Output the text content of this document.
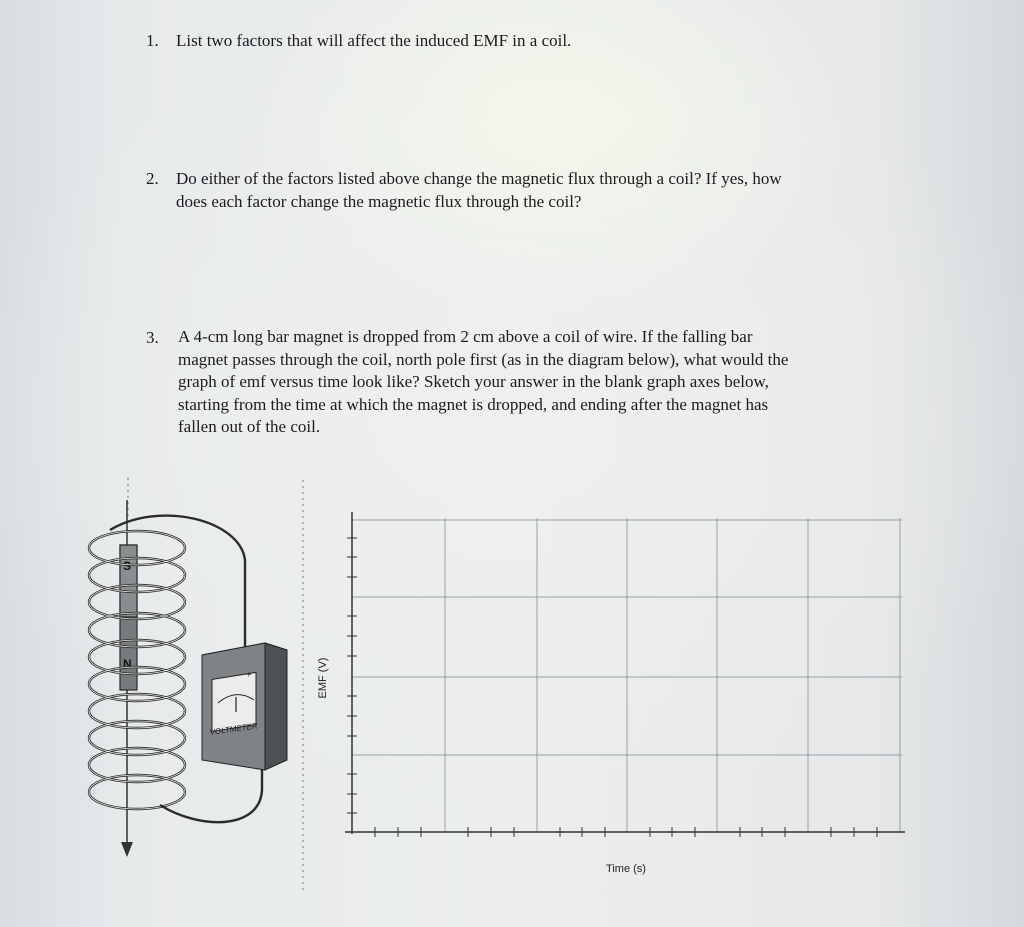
1. List two factors that will affect the induced EMF in a coil.
2. Do either of the factors listed above change the magnetic flux through a coil? If yes, how
does each factor change the magnetic flux through the coil?
3. A 4-cm long bar magnet is dropped from 2 cm above a coil of wire. If the falling bar
magnet passes through the coil, north pole first (as in the diagram below), what would the
graph of emf versus time look like? Sketch your answer in the blank graph axes below,
starting from the time at which the magnet is dropped, and ending after the magnet has
fallen out of the coil.
S
N
+
VOLTMETER
EMF (V)
Time (s)
